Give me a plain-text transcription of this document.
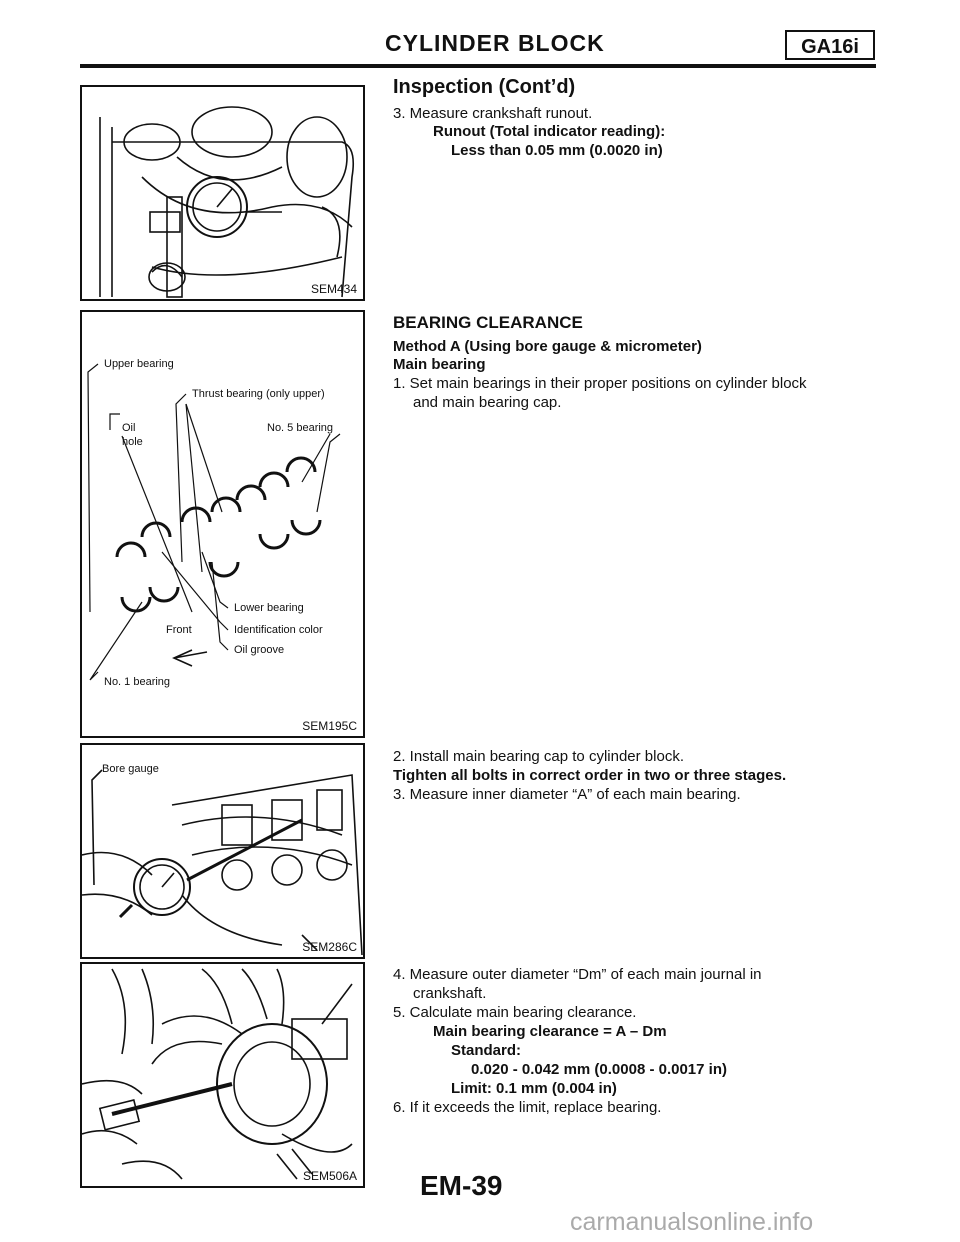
CYLINDER BLOCK	GA16i
Inspection (Cont’d)
SEM434
Upper bearing
Thrust bearing (only upper)
Oil
hole
No. 5 bearing
Lower bearing
Front	Identification color
Oil groove
No. 1 bearing
SEM195C
Bore gauge
SEM286C
SEM506A
3. Measure crankshaft runout.
Runout (Total indicator reading):
Less than 0.05 mm (0.0020 in)
BEARING CLEARANCE
Method A (Using bore gauge & micrometer)
Main bearing
1. Set main bearings in their proper positions on cylinder block
and main bearing cap.
2. Install main bearing cap to cylinder block.
Tighten all bolts in correct order in two or three stages.
3. Measure inner diameter “A” of each main bearing.
4. Measure outer diameter “Dm” of each main journal in
crankshaft.
5. Calculate main bearing clearance.
Main bearing clearance = A – Dm
Standard:
0.020 - 0.042 mm (0.0008 - 0.0017 in)
Limit: 0.1 mm (0.004 in)
6. If it exceeds the limit, replace bearing.
EM-39
carmanualsonline.info
